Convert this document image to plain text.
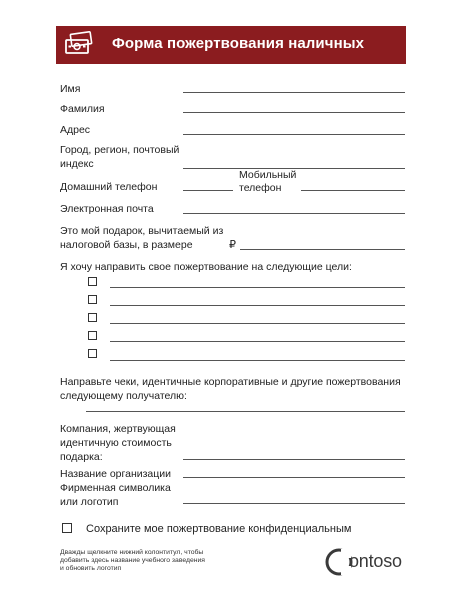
Форма пожертвования наличных
Имя
Фамилия
Адрес
Город, регион, почтовый
индекс
Домашний телефон
Мобильный
телефон
Электронная почта
Это мой подарок, вычитаемый из
налоговой базы, в размере	₽
Я хочу направить свое пожертвование на следующие цели:
Направьте чеки, идентичные корпоративные и другие пожертвования
следующему получателю:
Компания, жертвующая
идентичную стоимость
подарка:
Название организации
Фирменная символика
или логотип
Сохраните мое пожертвование конфиденциальным
Дважды щелкните нижний колонтитул, чтобы
добавить здесь название учебного заведения
и обновить логотип	ontoso
